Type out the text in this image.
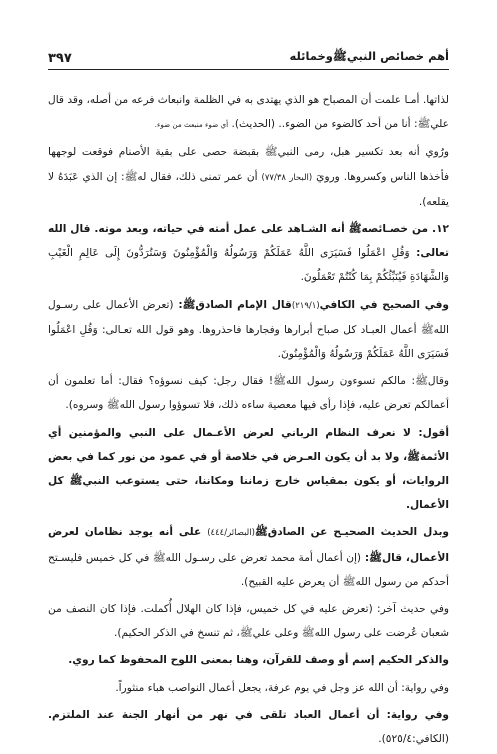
أهم خصائص النبيﷺوخمائله
٣٩٧

لذاتها. أمـا علمت أن المصباح هو الذي يهتدى به في الظلمة وانبعاث فرعه من أصله، وقد قال عليﷺ: أنا من أحد كالضوء من الضوء.. (الحديث). أي ضوء منبعث من ضوء.

ورُوي أنه بعد تكسير هبل، رمى النبيﷺ بقبضة حصى على بقية الأصنام فوقعت لوجهها فأخذها الناس وكسروها. ورويَ (البحار ٧٧/٣٨) أن عمر تمنى ذلك، فقال لهﷺ: إن الذي عَبَدَهُ لا يقلعه).

١٢. من خصـائصهﷺ أنه الشـاهد على عمل أمته في حياته، وبعد موته. قال الله تعالى: وَقُلِ اعْمَلُوا فَسَيَرَى اللَّهُ عَمَلَكُمْ وَرَسُولُهُ وَالْمُؤْمِنُونَ وَسَتُرَدُّونَ إِلَى عَالِمِ الْغَيْبِ وَالشَّهَادَةِ فَيُنَبِّئُكُمْ بِمَا كُنْتُمْ تَعْمَلُونَ.

وفي الصحيح في الكافي(٢١٩/١)قال الإمام الصادقﷺ: (تعرض الأعمال على رسـول اللهﷺ أعمال العبـاد كل صباح أبرارها وفجارها فاحذروها. وهو قول الله تعـالى: وَقُلِ اعْمَلُوا فَسَيَرَى اللَّهُ عَمَلَكُمْ وَرَسُولُهُ وَالْمُؤْمِنُونَ.

وقالﷺ: مالكم تسوءون رسول اللهﷺ! فقال رجل: كيف نسوؤه؟ فقال: أما تعلمون أن أعمالكم تعرض عليه، فإذا رأى فيها معصية ساءه ذلك، فلا تسوؤوا رسول اللهﷺ وسروه).

أقول: لا نعرف النظام الرباني لعرض الأعـمال على النبي والمؤمنين أي الأئمةﷺ، ولا بد أن يكون العـرض في خلاصة أو في عمود من نور كما في بعض الروايات، أو يكون بمقياس خارج زماننا ومكاننا، حتى يستوعب النبيﷺ كل الأعمال.

وبدل الحديث الصحيـح عن الصادقﷺ(البصائر/٤٤٤) على أنه يوجد نظامان لعرض الأعمال، قالﷺ: (إن أعمال أمة محمد تعرض على رسـول اللهﷺ في كل خميس فليسـتح أحدكم من رسول اللهﷺ أن يعرض عليه القبيح).

وفي حديث آخر: (تعرض عليه في كل خميس، فإذا كان الهلال أُكملت. فإذا كان النصف من شعبان عُرضت على رسول اللهﷺ وعلى عليﷺ، ثم تنسخ في الذكر الحكيم).

والذكر الحكيم إسم أو وصف للقرآن، وهنا بمعنى اللوح المحفوظ كما روي.

وفي رواية: أن الله عز وجل في يوم عرفة، يجعل أعمال النواصب هباء منثوراً.

وفي رواية: أن أعمال العباد تلقى في نهر من أنهار الجنة عند الملتزم. (الكافي:٥٢٥/٤).
